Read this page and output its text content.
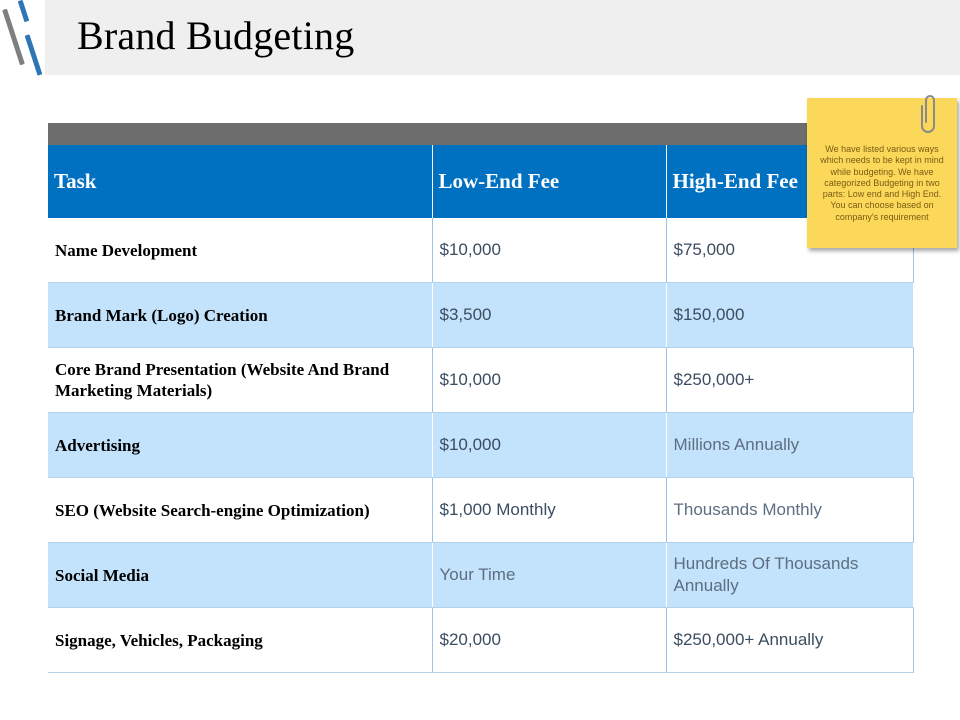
Brand Budgeting
Task	Low-End Fee	High-End Fee
Name Development	$10,000	$75,000
Brand Mark (Logo) Creation	$3,500	$150,000
Core Brand Presentation (Website And Brand Marketing Materials)	$10,000	$250,000+
Advertising	$10,000	Millions Annually
SEO (Website Search-engine Optimization)	$1,000 Monthly	Thousands Monthly
Social Media	Your Time	Hundreds Of Thousands Annually
Signage, Vehicles, Packaging	$20,000	$250,000+ Annually
We have listed various ways which needs to be kept in mind while budgeting. We have categorized Budgeting in two parts: Low end and High End. You can choose based on company's requirement
